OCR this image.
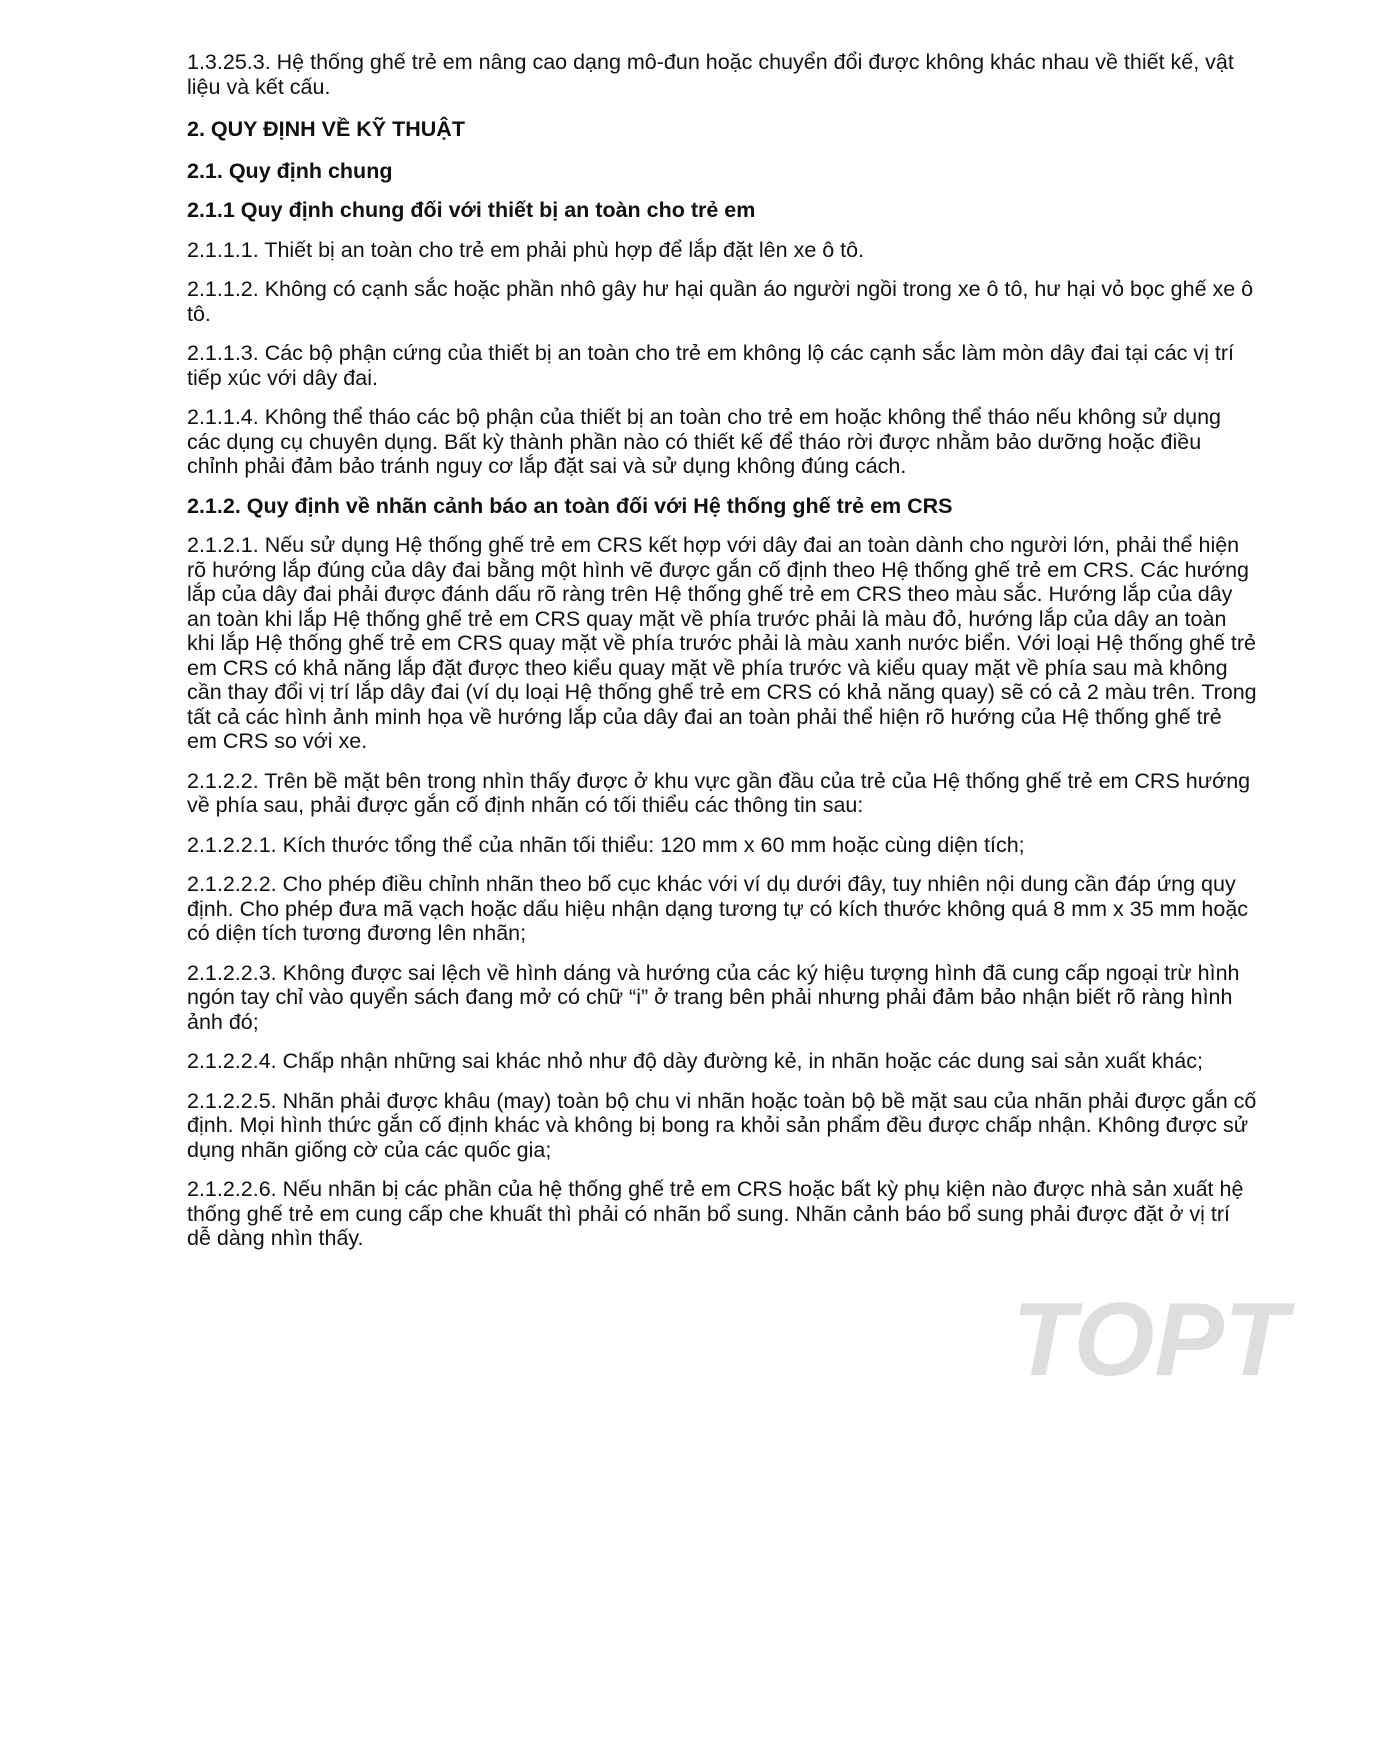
1.3.25.3. Hệ thống ghế trẻ em nâng cao dạng mô-đun hoặc chuyển đổi được không khác nhau về thiết kế, vật liệu và kết cấu.

2. QUY ĐỊNH VỀ KỸ THUẬT
2.1. Quy định chung
2.1.1 Quy định chung đối với thiết bị an toàn cho trẻ em

2.1.1.1. Thiết bị an toàn cho trẻ em phải phù hợp để lắp đặt lên xe ô tô.

2.1.1.2. Không có cạnh sắc hoặc phần nhô gây hư hại quần áo người ngồi trong xe ô tô, hư hại vỏ bọc ghế xe ô tô.

2.1.1.3. Các bộ phận cứng của thiết bị an toàn cho trẻ em không lộ các cạnh sắc làm mòn dây đai tại các vị trí tiếp xúc với dây đai.

2.1.1.4. Không thể tháo các bộ phận của thiết bị an toàn cho trẻ em hoặc không thể tháo nếu không sử dụng các dụng cụ chuyên dụng. Bất kỳ thành phần nào có thiết kế để tháo rời được nhằm bảo dưỡng hoặc điều chỉnh phải đảm bảo tránh nguy cơ lắp đặt sai và sử dụng không đúng cách.

2.1.2. Quy định về nhãn cảnh báo an toàn đối với Hệ thống ghế trẻ em CRS

2.1.2.1. Nếu sử dụng Hệ thống ghế trẻ em CRS kết hợp với dây đai an toàn dành cho người lớn, phải thể hiện rõ hướng lắp đúng của dây đai bằng một hình vẽ được gắn cố định theo Hệ thống ghế trẻ em CRS. Các hướng lắp của dây đai phải được đánh dấu rõ ràng trên Hệ thống ghế trẻ em CRS theo màu sắc. Hướng lắp của dây an toàn khi lắp Hệ thống ghế trẻ em CRS quay mặt về phía trước phải là màu đỏ, hướng lắp của dây an toàn khi lắp Hệ thống ghế trẻ em CRS quay mặt về phía trước phải là màu xanh nước biển. Với loại Hệ thống ghế trẻ em CRS có khả năng lắp đặt được theo kiểu quay mặt về phía trước và kiểu quay mặt về phía sau mà không cần thay đổi vị trí lắp dây đai (ví dụ loại Hệ thống ghế trẻ em CRS có khả năng quay) sẽ có cả 2 màu trên. Trong tất cả các hình ảnh minh họa về hướng lắp của dây đai an toàn phải thể hiện rõ hướng của Hệ thống ghế trẻ em CRS so với xe.

2.1.2.2. Trên bề mặt bên trong nhìn thấy được ở khu vực gần đầu của trẻ của Hệ thống ghế trẻ em CRS hướng về phía sau, phải được gắn cố định nhãn có tối thiểu các thông tin sau:

2.1.2.2.1. Kích thước tổng thể của nhãn tối thiểu: 120 mm x 60 mm hoặc cùng diện tích;

2.1.2.2.2. Cho phép điều chỉnh nhãn theo bố cục khác với ví dụ dưới đây, tuy nhiên nội dung cần đáp ứng quy định. Cho phép đưa mã vạch hoặc dấu hiệu nhận dạng tương tự có kích thước không quá 8 mm x 35 mm hoặc có diện tích tương đương lên nhãn;

2.1.2.2.3. Không được sai lệch về hình dáng và hướng của các ký hiệu tượng hình đã cung cấp ngoại trừ hình ngón tay chỉ vào quyển sách đang mở có chữ “i” ở trang bên phải nhưng phải đảm bảo nhận biết rõ ràng hình ảnh đó;

2.1.2.2.4. Chấp nhận những sai khác nhỏ như độ dày đường kẻ, in nhãn hoặc các dung sai sản xuất khác;

2.1.2.2.5. Nhãn phải được khâu (may) toàn bộ chu vi nhãn hoặc toàn bộ bề mặt sau của nhãn phải được gắn cố định. Mọi hình thức gắn cố định khác và không bị bong ra khỏi sản phẩm đều được chấp nhận. Không được sử dụng nhãn giống cờ của các quốc gia;

2.1.2.2.6. Nếu nhãn bị các phần của hệ thống ghế trẻ em CRS hoặc bất kỳ phụ kiện nào được nhà sản xuất hệ thống ghế trẻ em cung cấp che khuất thì phải có nhãn bổ sung. Nhãn cảnh báo bổ sung phải được đặt ở vị trí dễ dàng nhìn thấy.

TOPT
